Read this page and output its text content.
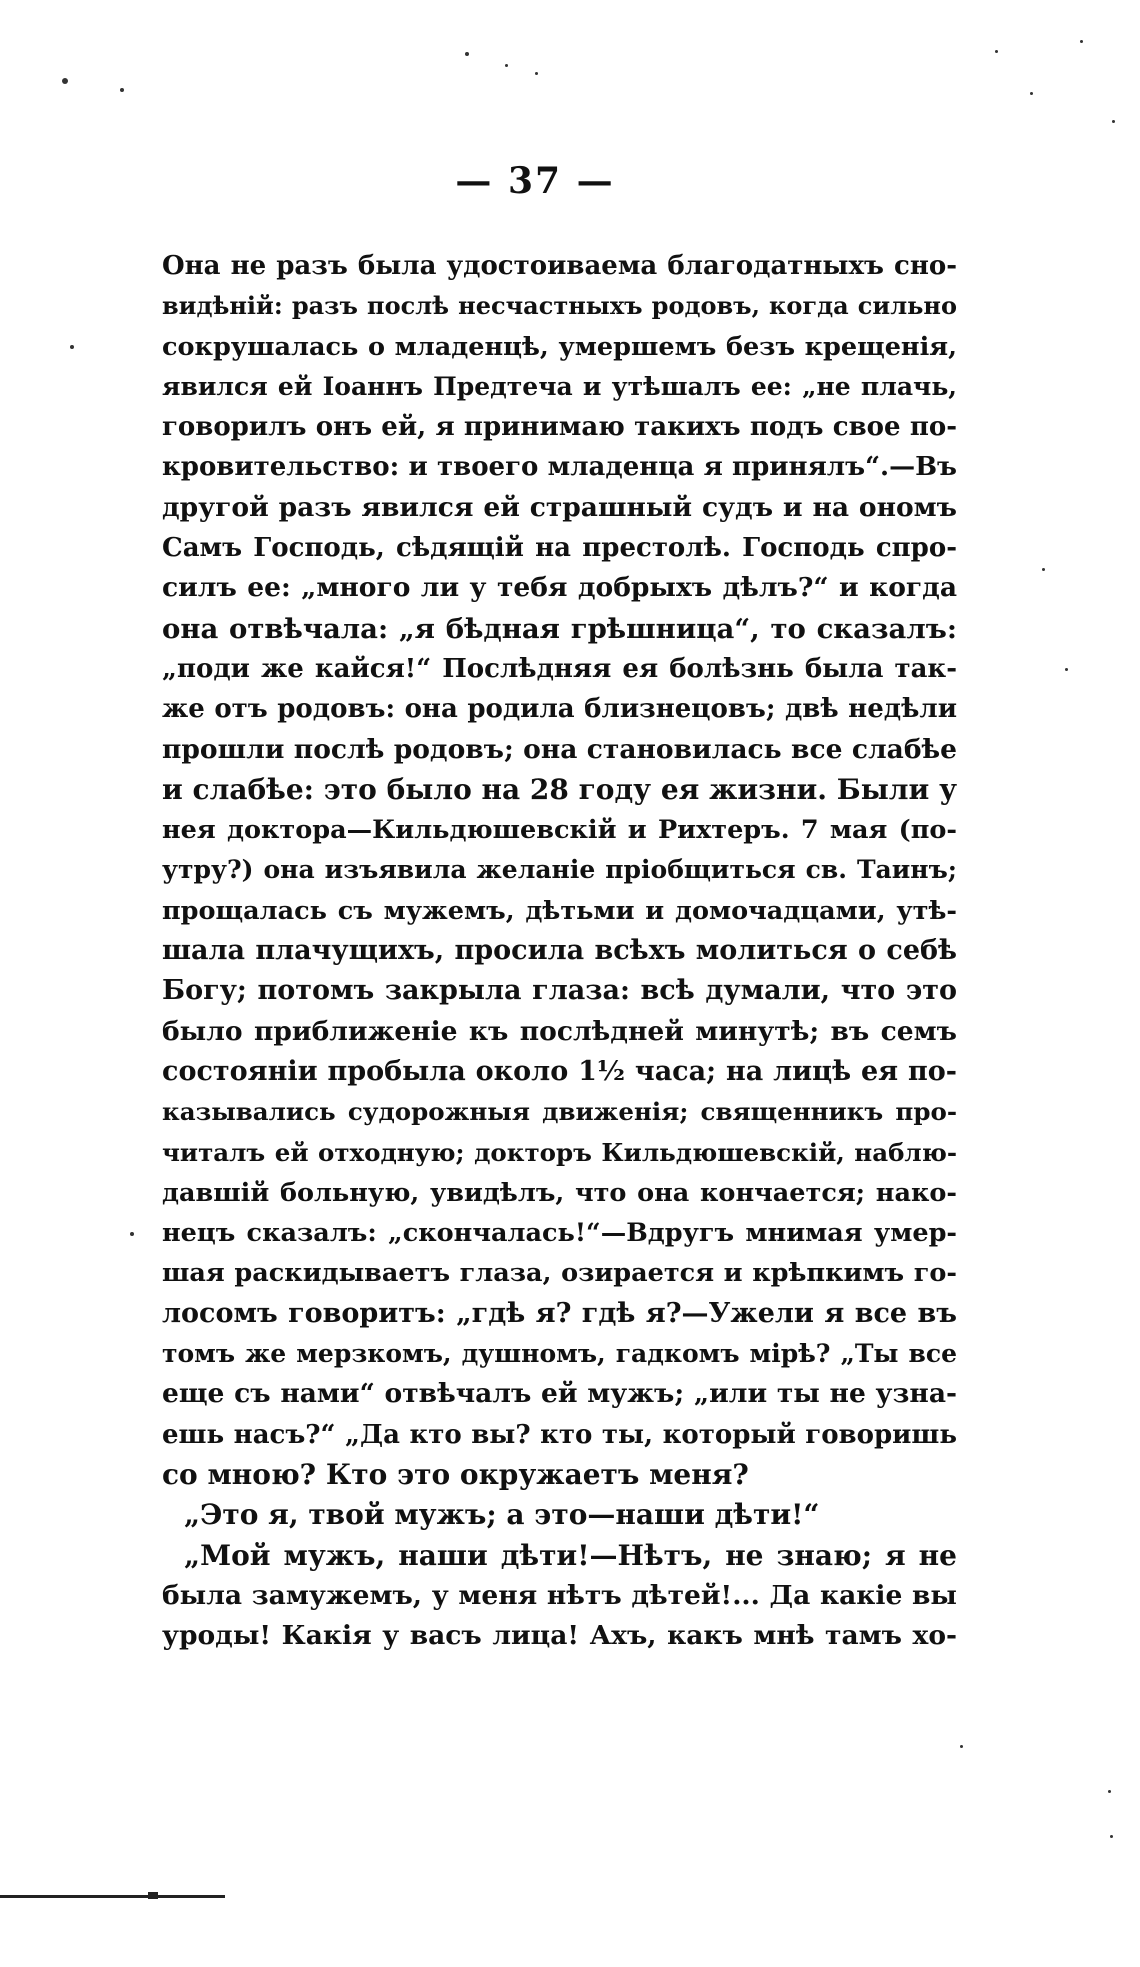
— 37 —
Она не разъ была удостоиваема благодатныхъ сно-
видѣній: разъ послѣ несчастныхъ родовъ, когда сильно
сокрушалась о младенцѣ, умершемъ безъ крещенія,
явился ей Іоаннъ Предтеча и утѣшалъ ее: „не плачь,
говорилъ онъ ей, я принимаю такихъ подъ свое по-
кровительство: и твоего младенца я принялъ“.—Въ
другой разъ явился ей страшный судъ и на ономъ
Самъ Господь, сѣдящій на престолѣ. Господь спро-
силъ ее: „много ли у тебя добрыхъ дѣлъ?“ и когда
она отвѣчала: „я бѣдная грѣшница“, то сказалъ:
„поди же кайся!“ Послѣдняя ея болѣзнь была так-
же отъ родовъ: она родила близнецовъ; двѣ недѣли
прошли послѣ родовъ; она становилась все слабѣе
и слабѣе: это было на 28 году ея жизни. Были у
нея доктора—Кильдюшевскій и Рихтеръ. 7 мая (по-
утру?) она изъявила желаніе пріобщиться св. Таинъ;
прощалась съ мужемъ, дѣтьми и домочадцами, утѣ-
шала плачущихъ, просила всѣхъ молиться о себѣ
Богу; потомъ закрыла глаза: всѣ думали, что это
было приближеніе къ послѣдней минутѣ; въ семъ
состояніи пробыла около 1½ часа; на лицѣ ея по-
казывались судорожныя движенія; священникъ про-
читалъ ей отходную; докторъ Кильдюшевскій, наблю-
давшій больную, увидѣлъ, что она кончается; нако-
нецъ сказалъ: „скончалась!“—Вдругъ мнимая умер-
шая раскидываетъ глаза, озирается и крѣпкимъ го-
лосомъ говоритъ: „гдѣ я? гдѣ я?—Ужели я все въ
томъ же мерзкомъ, душномъ, гадкомъ мірѣ? „Ты все
еще съ нами“ отвѣчалъ ей мужъ; „или ты не узна-
ешь насъ?“ „Да кто вы? кто ты, который говоришь
со мною? Кто это окружаетъ меня?
„Это я, твой мужъ; а это—наши дѣти!“
„Мой мужъ, наши дѣти!—Нѣтъ, не знаю; я не
была замужемъ, у меня нѣтъ дѣтей!... Да какіе вы
уроды! Какія у васъ лица! Ахъ, какъ мнѣ тамъ хо-
